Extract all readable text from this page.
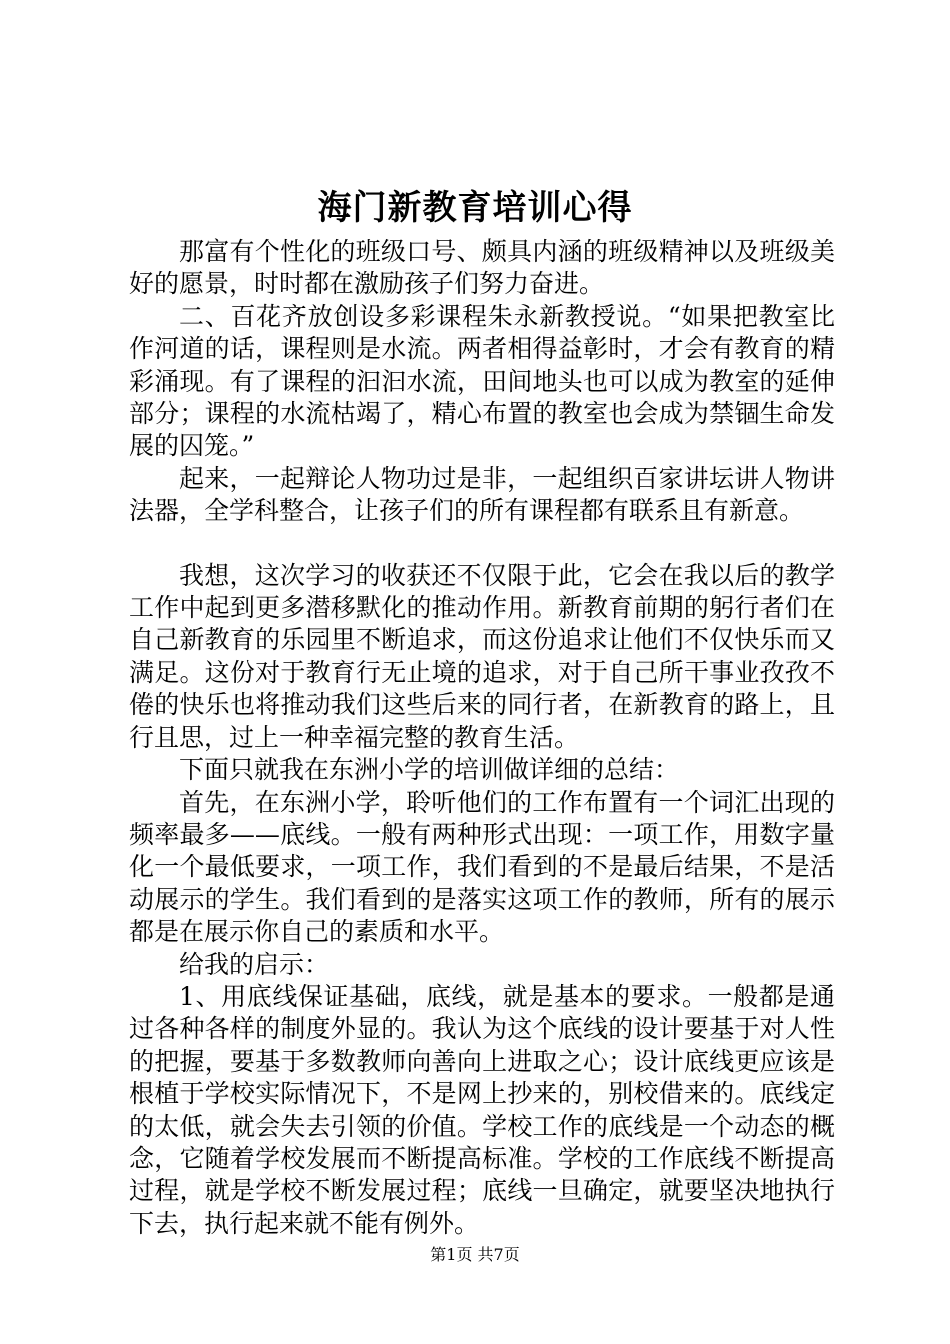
海门新教育培训心得

那富有个性化的班级口号、颇具内涵的班级精神以及班级美好的愿景，时时都在激励孩子们努力奋进。

二、百花齐放创设多彩课程朱永新教授说。“如果把教室比作河道的话，课程则是水流。两者相得益彰时，才会有教育的精彩涌现。有了课程的汩汩水流，田间地头也可以成为教室的延伸部分；课程的水流枯竭了，精心布置的教室也会成为禁锢生命发展的囚笼。”

起来，一起辩论人物功过是非，一起组织百家讲坛讲人物讲法器，全学科整合，让孩子们的所有课程都有联系且有新意。

我想，这次学习的收获还不仅限于此，它会在我以后的教学工作中起到更多潜移默化的推动作用。新教育前期的躬行者们在自己新教育的乐园里不断追求，而这份追求让他们不仅快乐而又满足。这份对于教育行无止境的追求，对于自己所干事业孜孜不倦的快乐也将推动我们这些后来的同行者，在新教育的路上，且行且思，过上一种幸福完整的教育生活。

下面只就我在东洲小学的培训做详细的总结：

首先，在东洲小学，聆听他们的工作布置有一个词汇出现的频率最多——底线。一般有两种形式出现：一项工作，用数字量化一个最低要求，一项工作，我们看到的不是最后结果，不是活动展示的学生。我们看到的是落实这项工作的教师，所有的展示都是在展示你自己的素质和水平。

给我的启示：

1、用底线保证基础，底线，就是基本的要求。一般都是通过各种各样的制度外显的。我认为这个底线的设计要基于对人性的把握，要基于多数教师向善向上进取之心；设计底线更应该是根植于学校实际情况下，不是网上抄来的，别校借来的。底线定的太低，就会失去引领的价值。学校工作的底线是一个动态的概念，它随着学校发展而不断提高标准。学校的工作底线不断提高过程，就是学校不断发展过程；底线一旦确定，就要坚决地执行下去，执行起来就不能有例外。

第1页 共7页
